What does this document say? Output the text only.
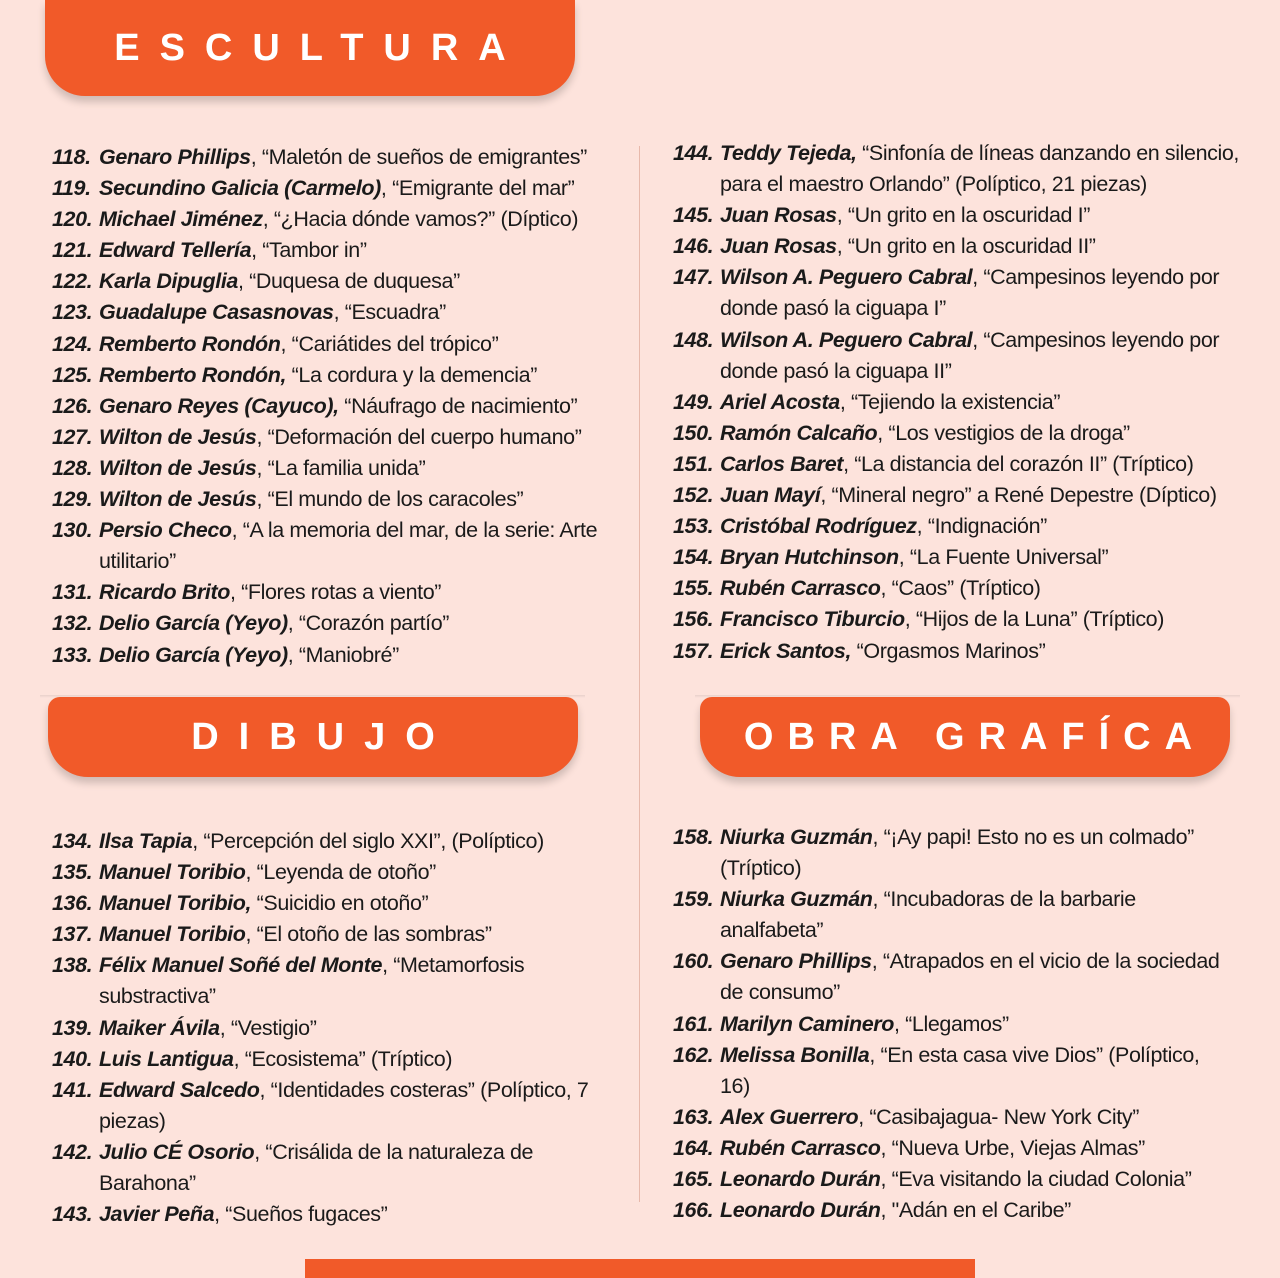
ESCULTURA
DIBUJO	OBRA GRAFÍCA
118. Genaro Phillips, “Maletón de sueños de emigrantes”
119. Secundino Galicia (Carmelo), “Emigrante del mar”
120. Michael Jiménez, “¿Hacia dónde vamos?” (Díptico)
121. Edward Tellería, “Tambor in”
122. Karla Dipuglia, “Duquesa de duquesa”
123. Guadalupe Casasnovas, “Escuadra”
124. Remberto Rondón, “Cariátides del trópico”
125. Remberto Rondón, “La cordura y la demencia”
126. Genaro Reyes (Cayuco), “Náufrago de nacimiento”
127. Wilton de Jesús, “Deformación del cuerpo humano”
128. Wilton de Jesús, “La familia unida”
129. Wilton de Jesús, “El mundo de los caracoles”
130. Persio Checo, “A la memoria del mar, de la serie: Arte utilitario”
131. Ricardo Brito, “Flores rotas a viento”
132. Delio García (Yeyo), “Corazón partío”
133. Delio García (Yeyo), “Maniobré”
134. Ilsa Tapia, “Percepción del siglo XXI”, (Políptico)
135. Manuel Toribio, “Leyenda de otoño”
136. Manuel Toribio, “Suicidio en otoño”
137. Manuel Toribio, “El otoño de las sombras”
138. Félix Manuel Soñé del Monte, “Metamorfosis substractiva”
139. Maiker Ávila, “Vestigio”
140. Luis Lantigua, “Ecosistema” (Tríptico)
141. Edward Salcedo, “Identidades costeras” (Políptico, 7 piezas)
142. Julio CÉ Osorio, “Crisálida de la naturaleza de Barahona”
143. Javier Peña, “Sueños fugaces”
144. Teddy Tejeda, “Sinfonía de líneas danzando en silencio, para el maestro Orlando” (Políptico, 21 piezas)
145. Juan Rosas, “Un grito en la oscuridad I”
146. Juan Rosas, “Un grito en la oscuridad II”
147. Wilson A. Peguero Cabral, “Campesinos leyendo por donde pasó la ciguapa I”
148. Wilson A. Peguero Cabral, “Campesinos leyendo por donde pasó la ciguapa II”
149. Ariel Acosta, “Tejiendo la existencia”
150. Ramón Calcaño, “Los vestigios de la droga”
151. Carlos Baret, “La distancia del corazón II” (Tríptico)
152. Juan Mayí, “Mineral negro” a René Depestre (Díptico)
153. Cristóbal Rodríguez, “Indignación”
154. Bryan Hutchinson, “La Fuente Universal”
155. Rubén Carrasco, “Caos” (Tríptico)
156. Francisco Tiburcio, “Hijos de la Luna” (Tríptico)
157. Erick Santos, “Orgasmos Marinos”
158. Niurka Guzmán, “¡Ay papi! Esto no es un colmado” (Tríptico)
159. Niurka Guzmán, “Incubadoras de la barbarie analfabeta”
160. Genaro Phillips, “Atrapados en el vicio de la sociedad de consumo”
161. Marilyn Caminero, “Llegamos”
162. Melissa Bonilla, “En esta casa vive Dios” (Políptico, 16)
163. Alex Guerrero, “Casibajagua- New York City”
164. Rubén Carrasco, “Nueva Urbe, Viejas Almas”
165. Leonardo Durán, “Eva visitando la ciudad Colonia”
166. Leonardo Durán, "Adán en el Caribe”
